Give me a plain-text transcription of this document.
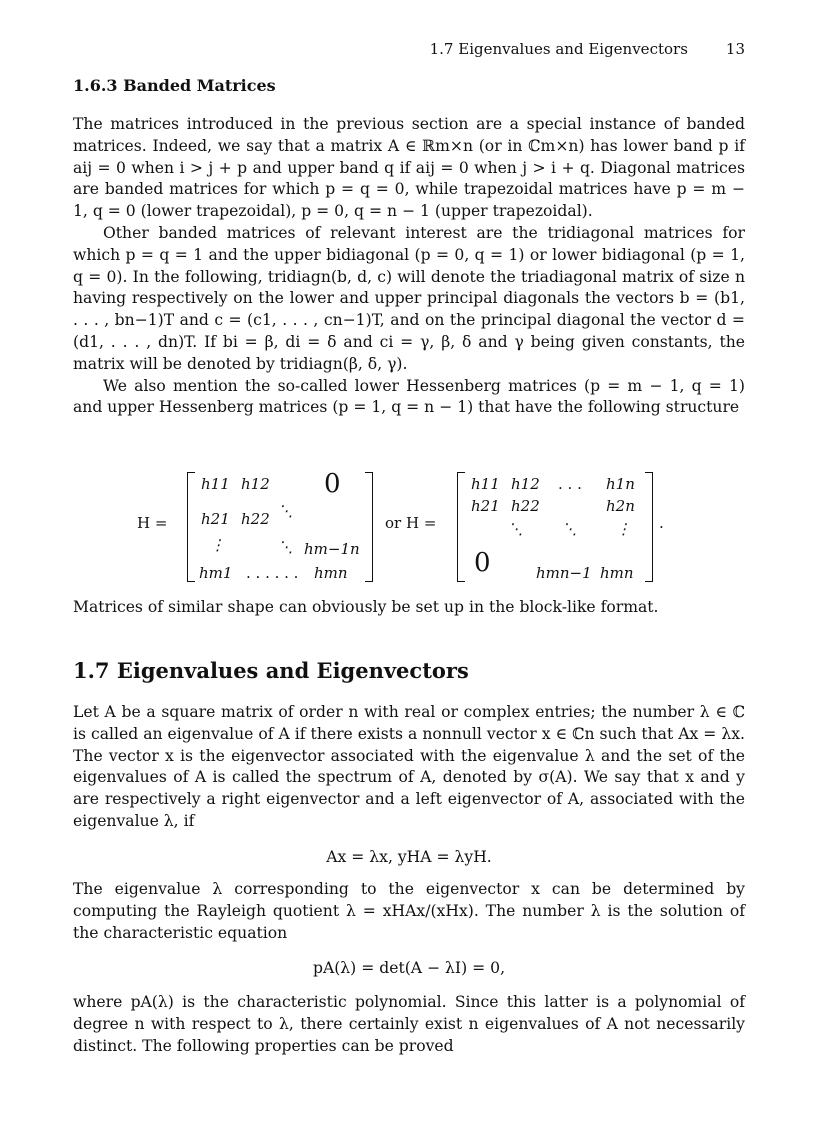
1.7 Eigenvalues and Eigenvectors	13
1.6.3 Banded Matrices

The matrices introduced in the previous section are a special instance of banded matrices. Indeed, we say that a matrix A ∈ ℝm×n (or in ℂm×n) has lower band p if aij = 0 when i > j + p and upper band q if aij = 0 when j > i + q. Diagonal matrices are banded matrices for which p = q = 0, while trapezoidal matrices have p = m − 1, q = 0 (lower trapezoidal), p = 0, q = n − 1 (upper trapezoidal).

Other banded matrices of relevant interest are the tridiagonal matrices for which p = q = 1 and the upper bidiagonal (p = 0, q = 1) or lower bidiagonal (p = 1, q = 0). In the following, tridiagn(b, d, c) will denote the triadiagonal matrix of size n having respectively on the lower and upper principal diagonals the vectors b = (b1, . . . , bn−1)T and c = (c1, . . . , cn−1)T, and on the principal diagonal the vector d = (d1, . . . , dn)T. If bi = β, di = δ and ci = γ, β, δ and γ being given constants, the matrix will be denoted by tridiagn(β, δ, γ).

We also mention the so-called lower Hessenberg matrices (p = m − 1, q = 1) and upper Hessenberg matrices (p = 1, q = n − 1) that have the following structure

H =
h11 h12 0
h21 h22 ⋱
⋮	⋱ hm−1n
hm1 . . . . . . hmn
or H =
h11 h12 . . . h1n
h21 h22	h2n
⋱	⋱	⋮
0	hmn−1 hmn
.

Matrices of similar shape can obviously be set up in the block-like format.

1.7 Eigenvalues and Eigenvectors

Let A be a square matrix of order n with real or complex entries; the number λ ∈ ℂ is called an eigenvalue of A if there exists a nonnull vector x ∈ ℂn such that Ax = λx. The vector x is the eigenvector associated with the eigenvalue λ and the set of the eigenvalues of A is called the spectrum of A, denoted by σ(A). We say that x and y are respectively a right eigenvector and a left eigenvector of A, associated with the eigenvalue λ, if

Ax = λx, yHA = λyH.

The eigenvalue λ corresponding to the eigenvector x can be determined by computing the Rayleigh quotient λ = xHAx/(xHx). The number λ is the solution of the characteristic equation

pA(λ) = det(A − λI) = 0,

where pA(λ) is the characteristic polynomial. Since this latter is a polynomial of degree n with respect to λ, there certainly exist n eigenvalues of A not necessarily distinct. The following properties can be proved
